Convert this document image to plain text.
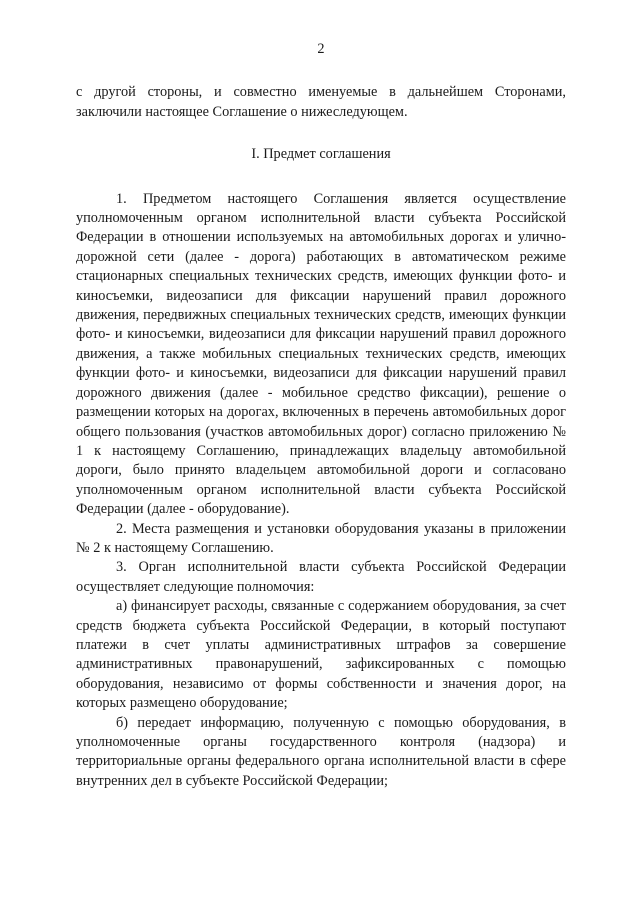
2

с другой стороны, и совместно именуемые в дальнейшем Сторонами, заключили настоящее Соглашение о нижеследующем.

I. Предмет соглашения

1. Предметом настоящего Соглашения является осуществление уполномоченным органом исполнительной власти субъекта Российской Федерации в отношении используемых на автомобильных дорогах и улично-дорожной сети (далее - дорога) работающих в автоматическом режиме стационарных специальных технических средств, имеющих функции фото- и киносъемки, видеозаписи для фиксации нарушений правил дорожного движения, передвижных специальных технических средств, имеющих функции фото- и киносъемки, видеозаписи для фиксации нарушений правил дорожного движения, а также мобильных специальных технических средств, имеющих функции фото- и киносъемки, видеозаписи для фиксации нарушений правил дорожного движения (далее - мобильное средство фиксации), решение о размещении которых на дорогах, включенных в перечень автомобильных дорог общего пользования (участков автомобильных дорог) согласно приложению № 1 к настоящему Соглашению, принадлежащих владельцу автомобильной дороги, было принято владельцем автомобильной дороги и согласовано уполномоченным органом исполнительной власти субъекта Российской Федерации (далее - оборудование).

2. Места размещения и установки оборудования указаны в приложении № 2 к настоящему Соглашению.

3. Орган исполнительной власти субъекта Российской Федерации осуществляет следующие полномочия:

а) финансирует расходы, связанные с содержанием оборудования, за счет средств бюджета субъекта Российской Федерации, в который поступают платежи в счет уплаты административных штрафов за совершение административных правонарушений, зафиксированных с помощью оборудования, независимо от формы собственности и значения дорог, на которых размещено оборудование;

б) передает информацию, полученную с помощью оборудования, в уполномоченные органы государственного контроля (надзора) и территориальные органы федерального органа исполнительной власти в сфере внутренних дел в субъекте Российской Федерации;
